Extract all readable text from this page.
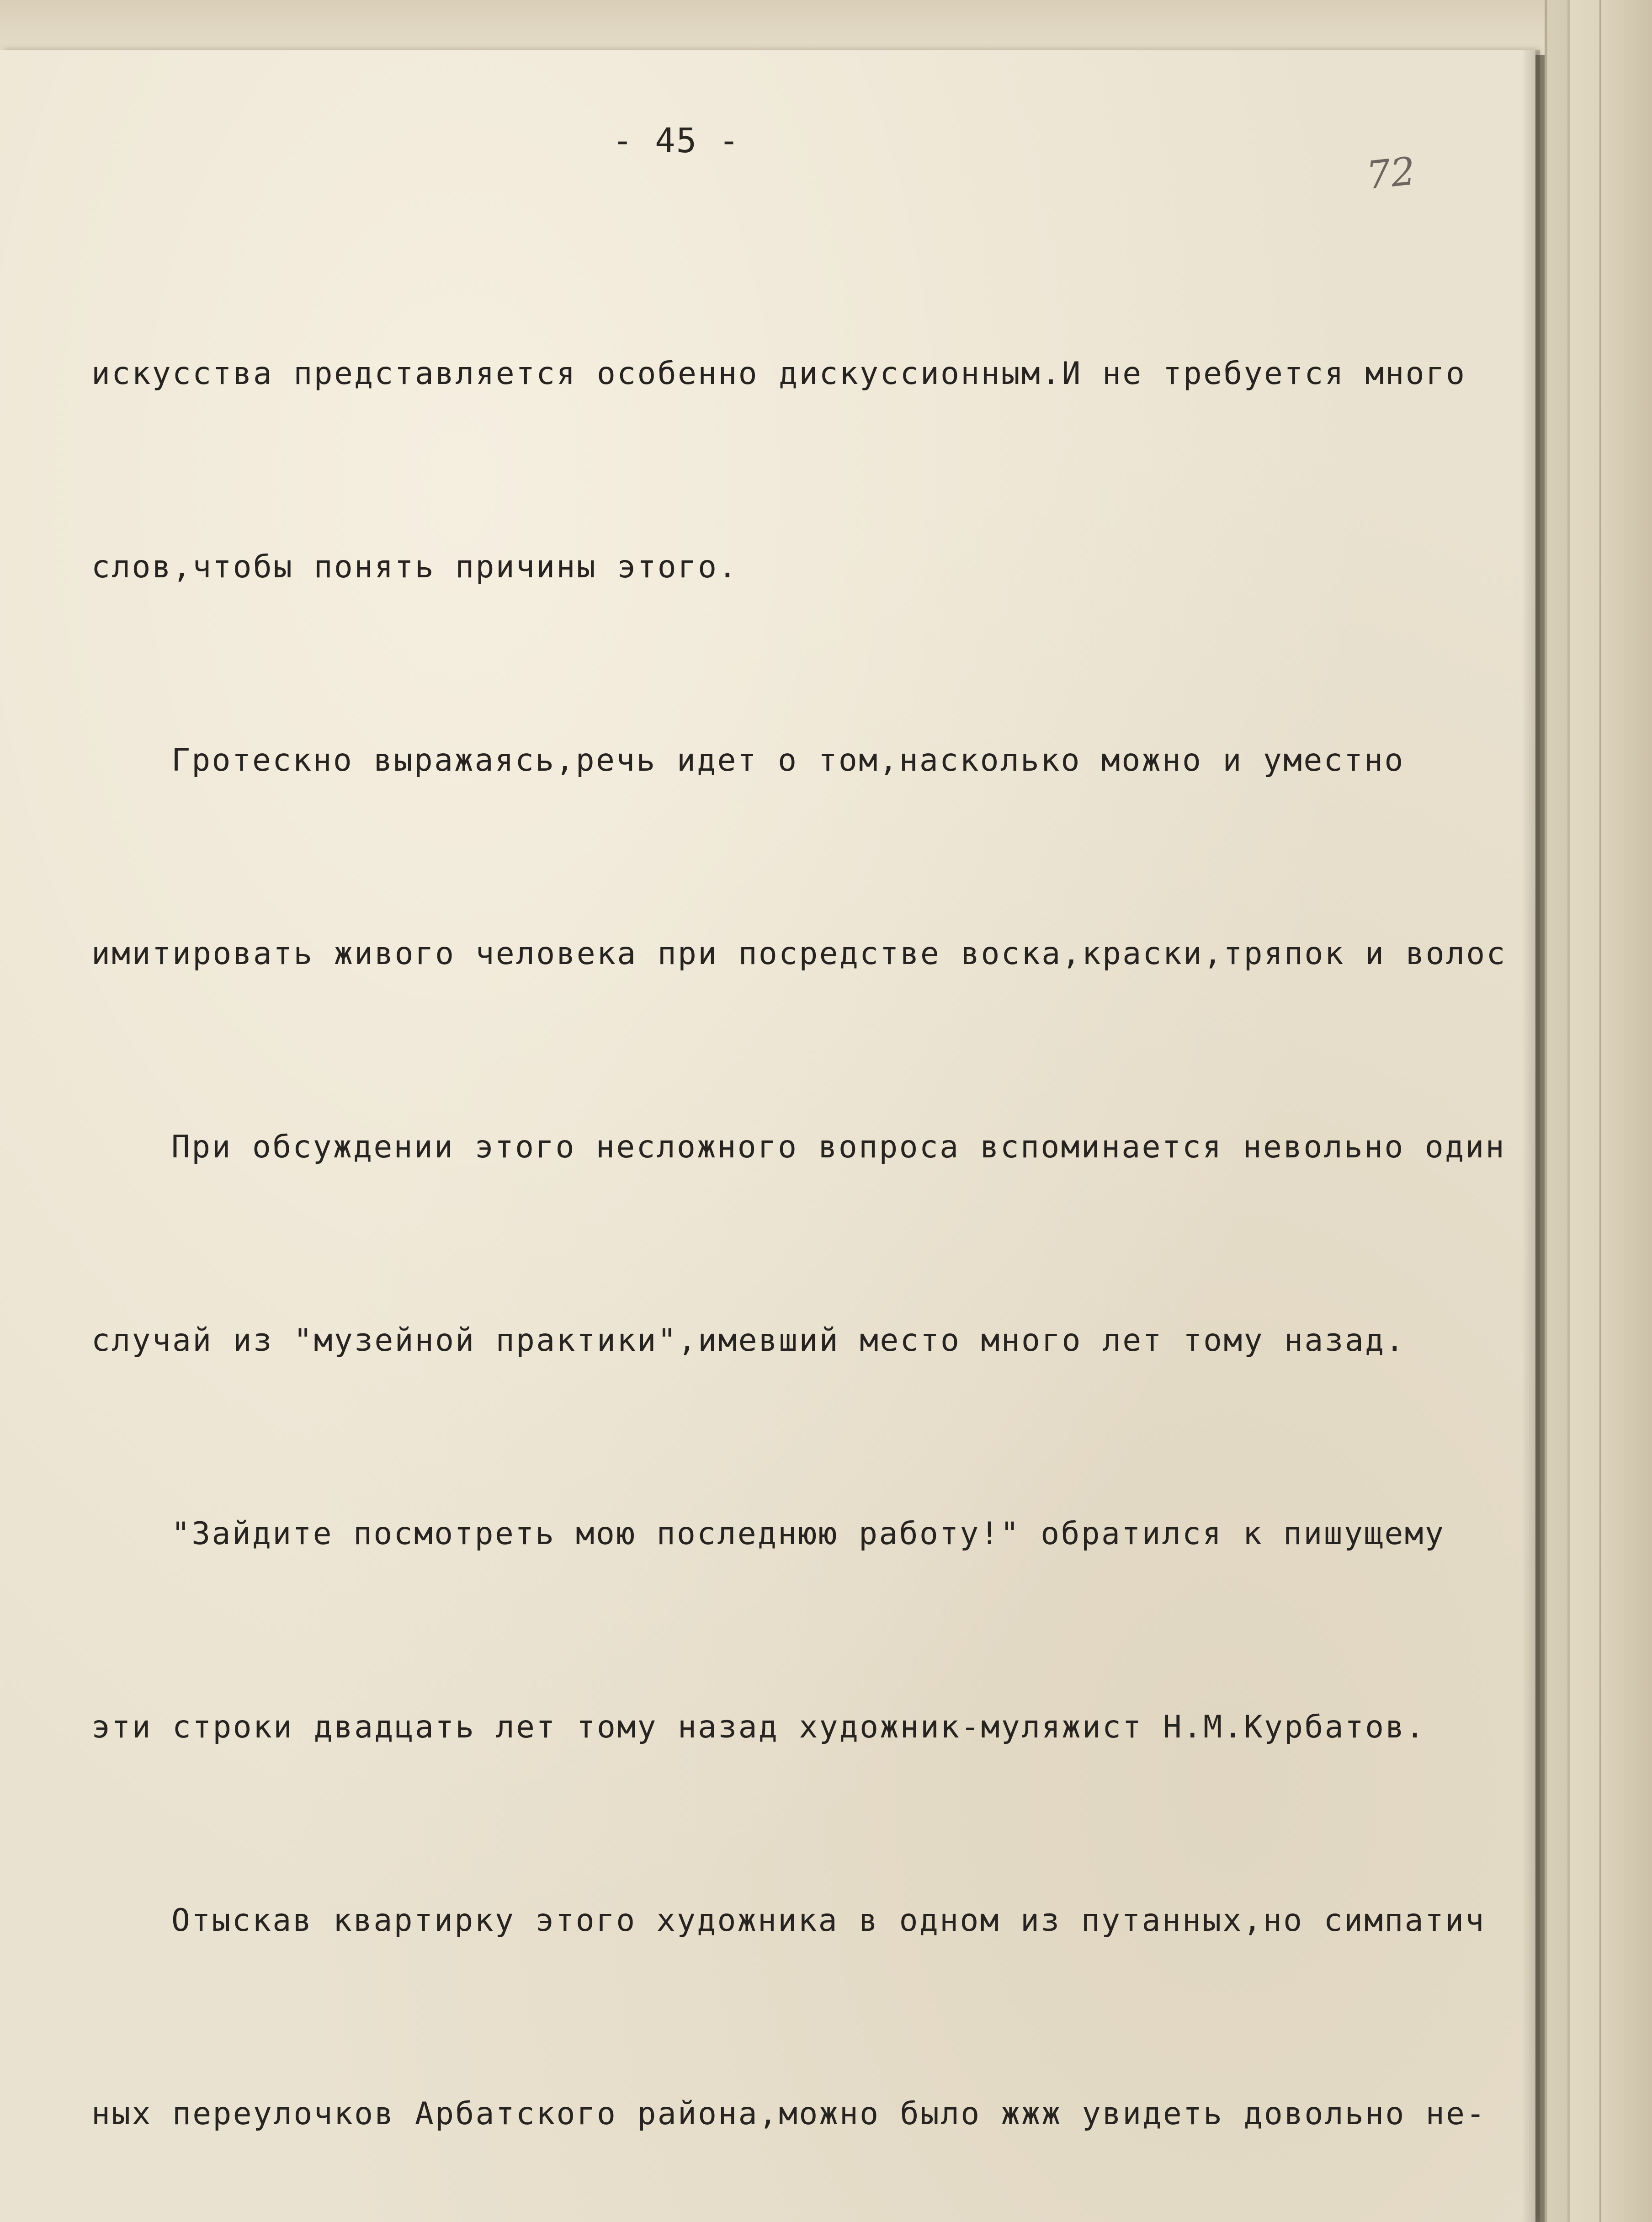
- 45 -
72

искусства представляется особенно дискуссионным.И не требуется много

слов,чтобы понять причины этого.

Гротескно выражаясь,речь идет о том,насколько можно и уместно

имитировать живого человека при посредстве воска,краски,тряпок и волос

При обсуждении этого несложного вопроса вспоминается невольно один

случай из "музейной практики",имевший место много лет тому назад.

"Зайдите посмотреть мою последнюю работу!" обратился к пишущему

эти строки двадцать лет тому назад художник-муляжист Н.М.Курбатов.

Отыскав квартирку этого художника в одном из путанных,но симпатич

ных переулочков Арбатского района,можно было жжж увидеть довольно не-
